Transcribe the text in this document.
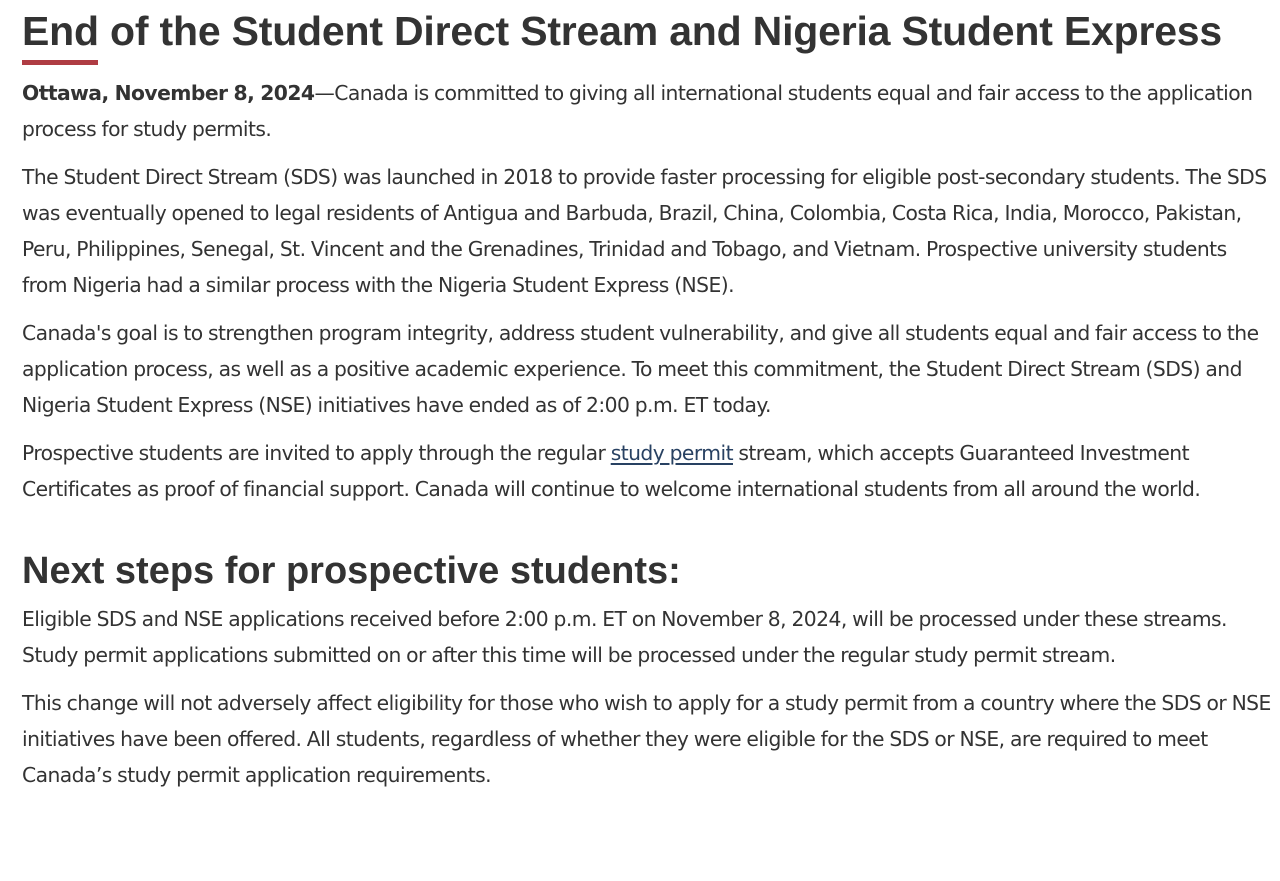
End of the Student Direct Stream and Nigeria Student Express

Ottawa, November 8, 2024—Canada is committed to giving all international students equal and fair access to the application process for study permits.

The Student Direct Stream (SDS) was launched in 2018 to provide faster processing for eligible post-secondary students. The SDS was eventually opened to legal residents of Antigua and Barbuda, Brazil, China, Colombia, Costa Rica, India, Morocco, Pakistan, Peru, Philippines, Senegal, St. Vincent and the Grenadines, Trinidad and Tobago, and Vietnam. Prospective university students from Nigeria had a similar process with the Nigeria Student Express (NSE).

Canada's goal is to strengthen program integrity, address student vulnerability, and give all students equal and fair access to the application process, as well as a positive academic experience. To meet this commitment, the Student Direct Stream (SDS) and Nigeria Student Express (NSE) initiatives have ended as of 2:00 p.m. ET today.

Prospective students are invited to apply through the regular study permit stream, which accepts Guaranteed Investment Certificates as proof of financial support. Canada will continue to welcome international students from all around the world.

Next steps for prospective students:

Eligible SDS and NSE applications received before 2:00 p.m. ET on November 8, 2024, will be processed under these streams. Study permit applications submitted on or after this time will be processed under the regular study permit stream.

This change will not adversely affect eligibility for those who wish to apply for a study permit from a country where the SDS or NSE initiatives have been offered. All students, regardless of whether they were eligible for the SDS or NSE, are required to meet Canada’s study permit application requirements.
